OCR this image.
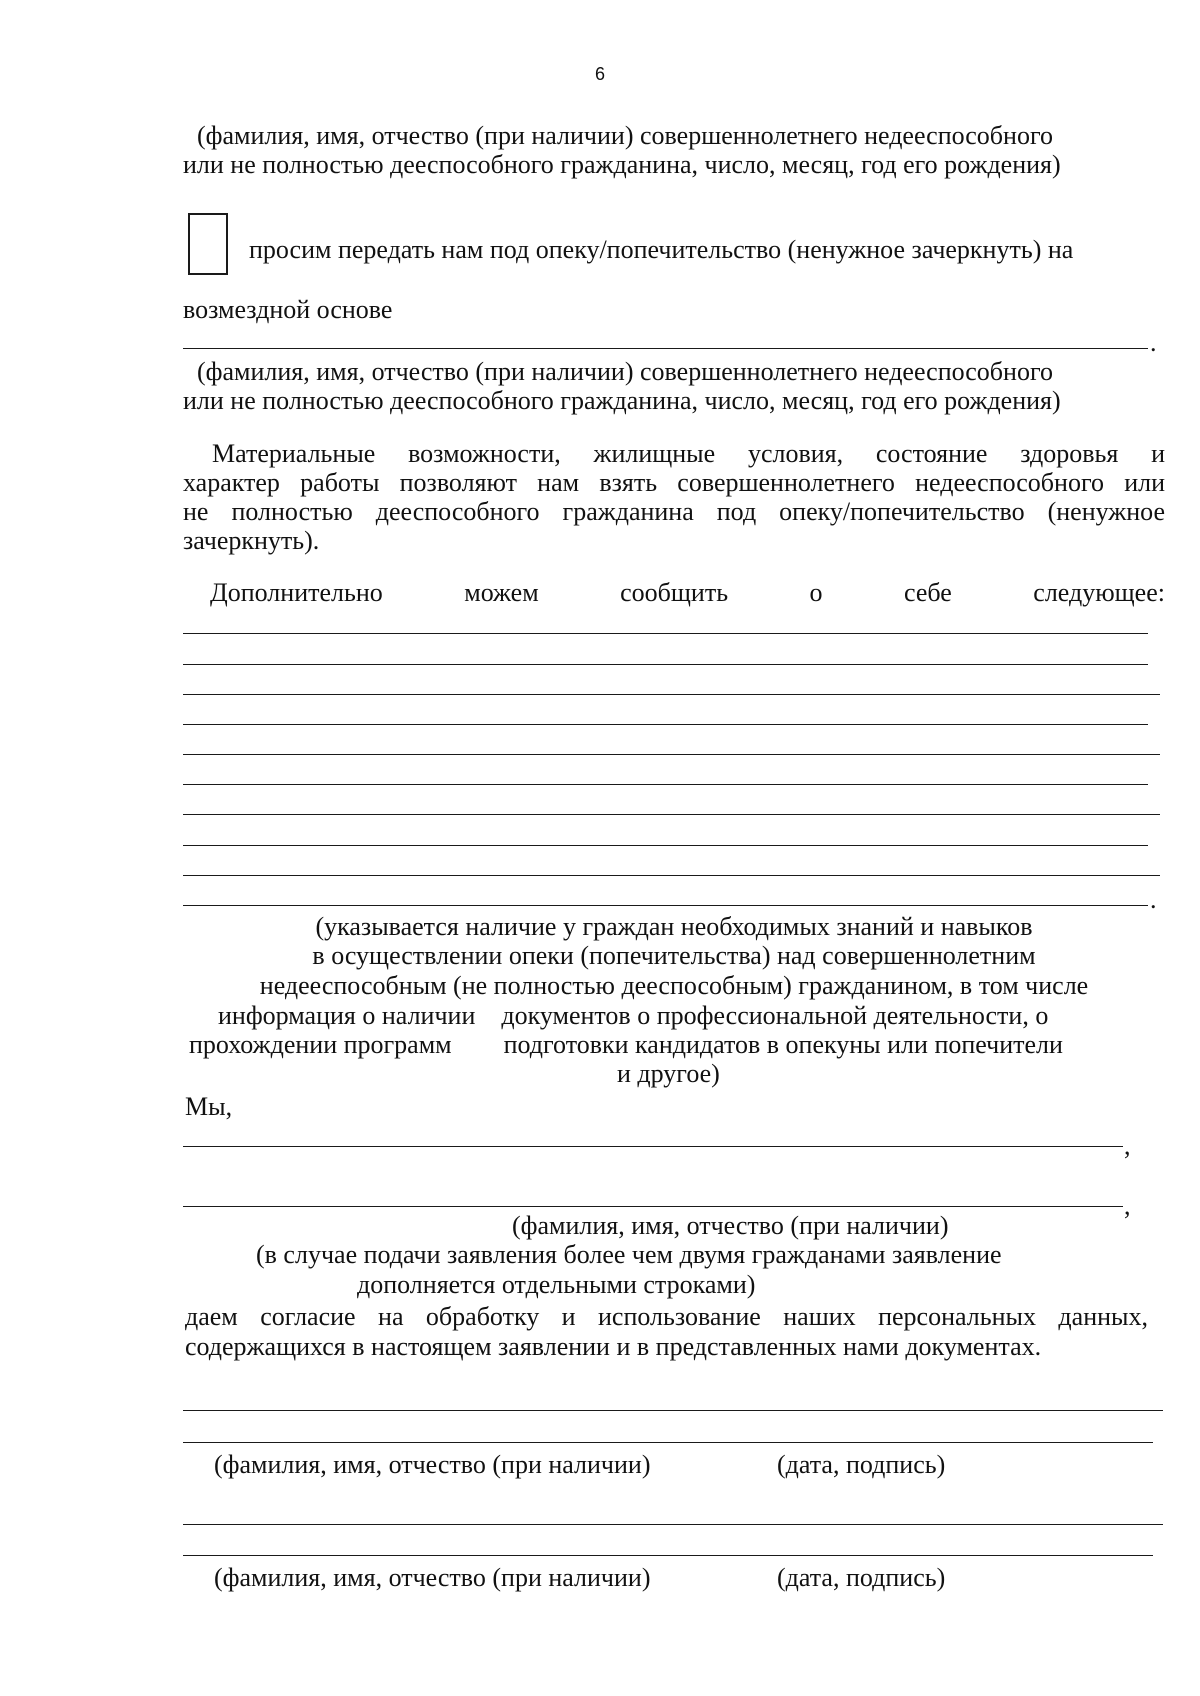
6
(фамилия, имя, отчество (при наличии) совершеннолетнего недееспособного
или не полностью дееспособного гражданина, число, месяц, год его рождения)
просим передать нам под опеку/попечительство (ненужное зачеркнуть) на
возмездной основе
.
(фамилия, имя, отчество (при наличии) совершеннолетнего недееспособного
или не полностью дееспособного гражданина, число, месяц, год его рождения)
Материальные возможности, жилищные условия, состояние здоровья и
характер работы позволяют нам взять совершеннолетнего недееспособного или
не полностью дееспособного гражданина под опеку/попечительство (ненужное
зачеркнуть).
Дополнительно	можем	сообщить	о	себе	следующее:
.
(указывается наличие у граждан необходимых знаний и навыков
в осуществлении опеки (попечительства) над совершеннолетним
недееспособным (не полностью дееспособным) гражданином, в том числе
информация о наличии    документов о профессиональной деятельности, о
прохождении программ        подготовки кандидатов в опекуны или попечители
и другое)
Мы,
,
,
(фамилия, имя, отчество (при наличии)
(в случае подачи заявления более чем двумя гражданами заявление
дополняется отдельными строками)
даем согласие на обработку и использование наших персональных данных,
содержащихся в настоящем заявлении и в представленных нами документах.
(фамилия, имя, отчество (при наличии)	(дата, подпись)
(фамилия, имя, отчество (при наличии)	(дата, подпись)
